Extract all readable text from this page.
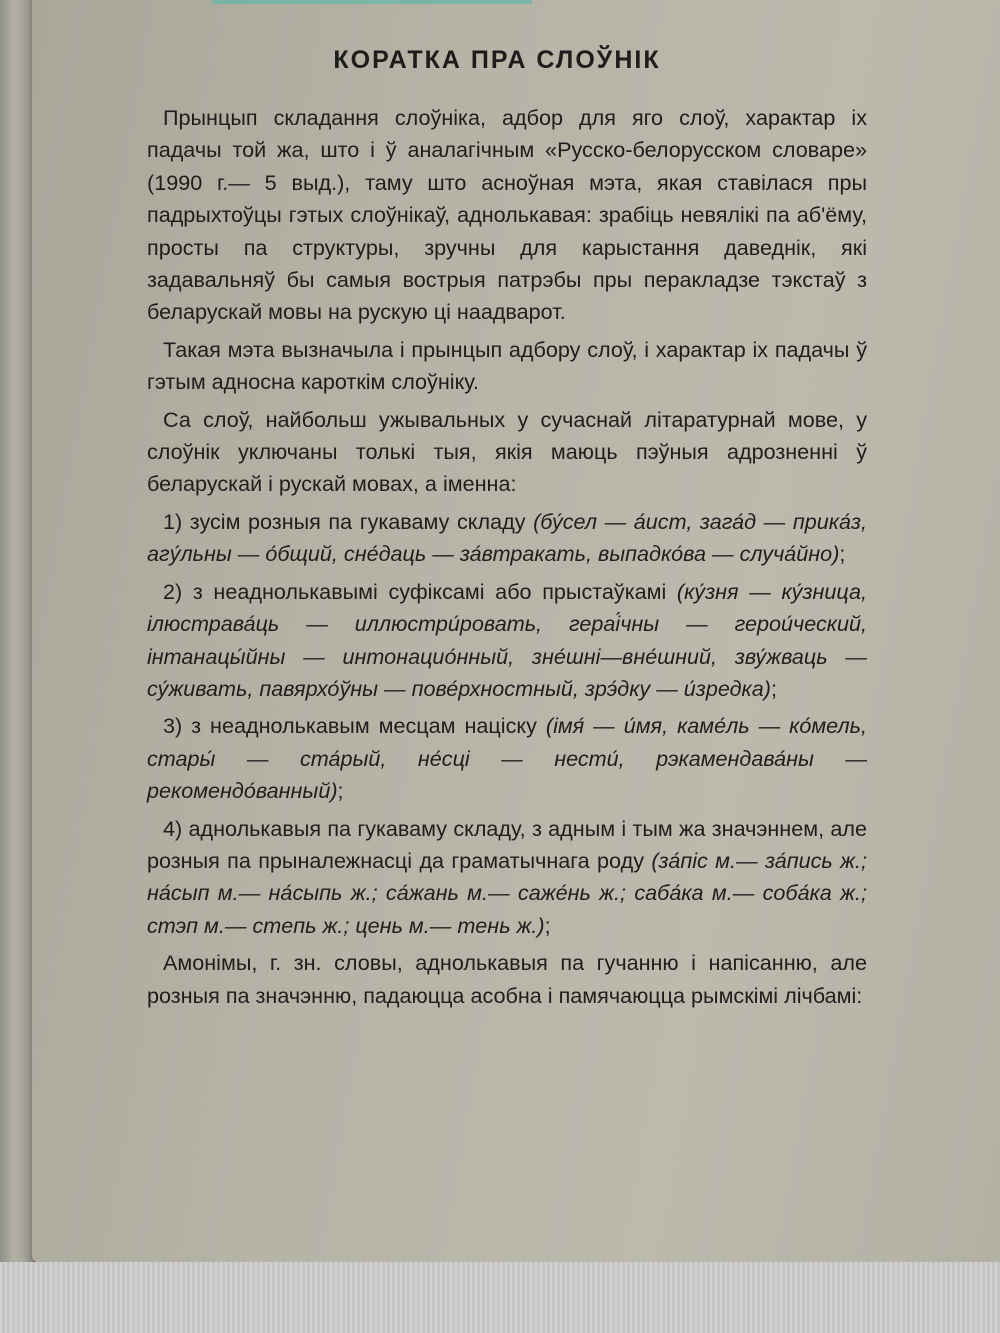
КОРАТКА ПРА СЛОЎНІК

Прынцып складання слоўніка, адбор для яго слоў, характар іх падачы той жа, што і ў аналагічным «Русско-белорусском словаре» (1990 г.— 5 выд.), таму што асноўная мэта, якая ставілася пры падрыхтоўцы гэтых слоўнікаў, аднолькавая: зрабіць невялікі па аб'ёму, просты па структуры, зручны для карыстання даведнік, які задавальняў бы самыя вострыя патрэбы пры перакладзе тэкстаў з беларускай мовы на рускую ці наадварот.

Такая мэта вызначыла і прынцып адбору слоў, і характар іх падачы ў гэтым адносна кароткім слоўніку.

Са слоў, найбольш ужывальных у сучаснай літаратурнай мове, у слоўнік уключаны толькі тыя, якія маюць пэўныя адрозненні ў беларускай і рускай мовах, а іменна:

1) зусім розныя па гукаваму складу (бу́сел — а́ист, зага́д — прика́з, агу́льны — о́бщий, сне́даць — за́втракать, выпадко́ва — случа́йно);

2) з неаднолькавымі суфіксамі або прыстаўкамі (ку́зня — ку́зница, ілюстрава́ць — иллюстри́ровать, гераі́чны — герои́ческий, інтанацы́йны — интонацио́нный, зне́шні—вне́шний, зву́жваць — су́живать, павярхо́ўны — пове́рхностный, зрэ́дку — и́зредка);

3) з неаднолькавым месцам націску (імя́ — и́мя, каме́ль — ко́мель, стары́ — ста́рый, не́сці — нести́, рэкамендава́ны — рекомендо́ванный);

4) аднолькавыя па гукаваму складу, з адным і тым жа значэннем, але розныя па прыналежнасці да граматычнага роду (за́піс м.— за́пись ж.; на́сып м.— на́сыпь ж.; са́жань м.— саже́нь ж.; саба́ка м.— соба́ка ж.; стэп м.— степь ж.; цень м.— тень ж.);

Амонімы, г. зн. словы, аднолькавыя па гучанню і напісанню, але розныя па значэнню, падаюцца асобна і памячаюцца рымскімі лічбамі:
